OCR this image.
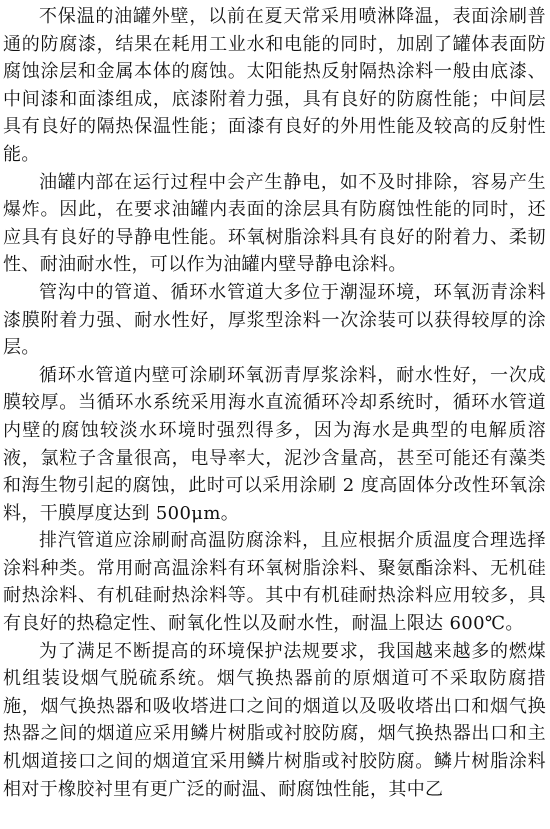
不保温的油罐外壁，以前在夏天常采用喷淋降温，表面涂刷普通的防腐漆，结果在耗用工业水和电能的同时，加剧了罐体表面防腐蚀涂层和金属本体的腐蚀。太阳能热反射隔热涂料一般由底漆、中间漆和面漆组成，底漆附着力强，具有良好的防腐性能；中间层具有良好的隔热保温性能；面漆有良好的外用性能及较高的反射性能。

油罐内部在运行过程中会产生静电，如不及时排除，容易产生爆炸。因此，在要求油罐内表面的涂层具有防腐蚀性能的同时，还应具有良好的导静电性能。环氧树脂涂料具有良好的附着力、柔韧性、耐油耐水性，可以作为油罐内壁导静电涂料。

管沟中的管道、循环水管道大多位于潮湿环境，环氧沥青涂料漆膜附着力强、耐水性好，厚浆型涂料一次涂装可以获得较厚的涂层。

循环水管道内壁可涂刷环氧沥青厚浆涂料，耐水性好，一次成膜较厚。当循环水系统采用海水直流循环冷却系统时，循环水管道内壁的腐蚀较淡水环境时强烈得多，因为海水是典型的电解质溶液，氯粒子含量很高，电导率大，泥沙含量高，甚至可能还有藻类和海生物引起的腐蚀，此时可以采用涂刷 2 度高固体分改性环氧涂料，干膜厚度达到 500μm。

排汽管道应涂刷耐高温防腐涂料，且应根据介质温度合理选择涂料种类。常用耐高温涂料有环氧树脂涂料、聚氨酯涂料、无机硅耐热涂料、有机硅耐热涂料等。其中有机硅耐热涂料应用较多，具有良好的热稳定性、耐氧化性以及耐水性，耐温上限达 600℃。

为了满足不断提高的环境保护法规要求，我国越来越多的燃煤机组装设烟气脱硫系统。烟气换热器前的原烟道可不采取防腐措施，烟气换热器和吸收塔进口之间的烟道以及吸收塔出口和烟气换热器之间的烟道应采用鳞片树脂或衬胶防腐，烟气换热器出口和主机烟道接口之间的烟道宜采用鳞片树脂或衬胶防腐。鳞片树脂涂料相对于橡胶衬里有更广泛的耐温、耐腐蚀性能，其中乙
